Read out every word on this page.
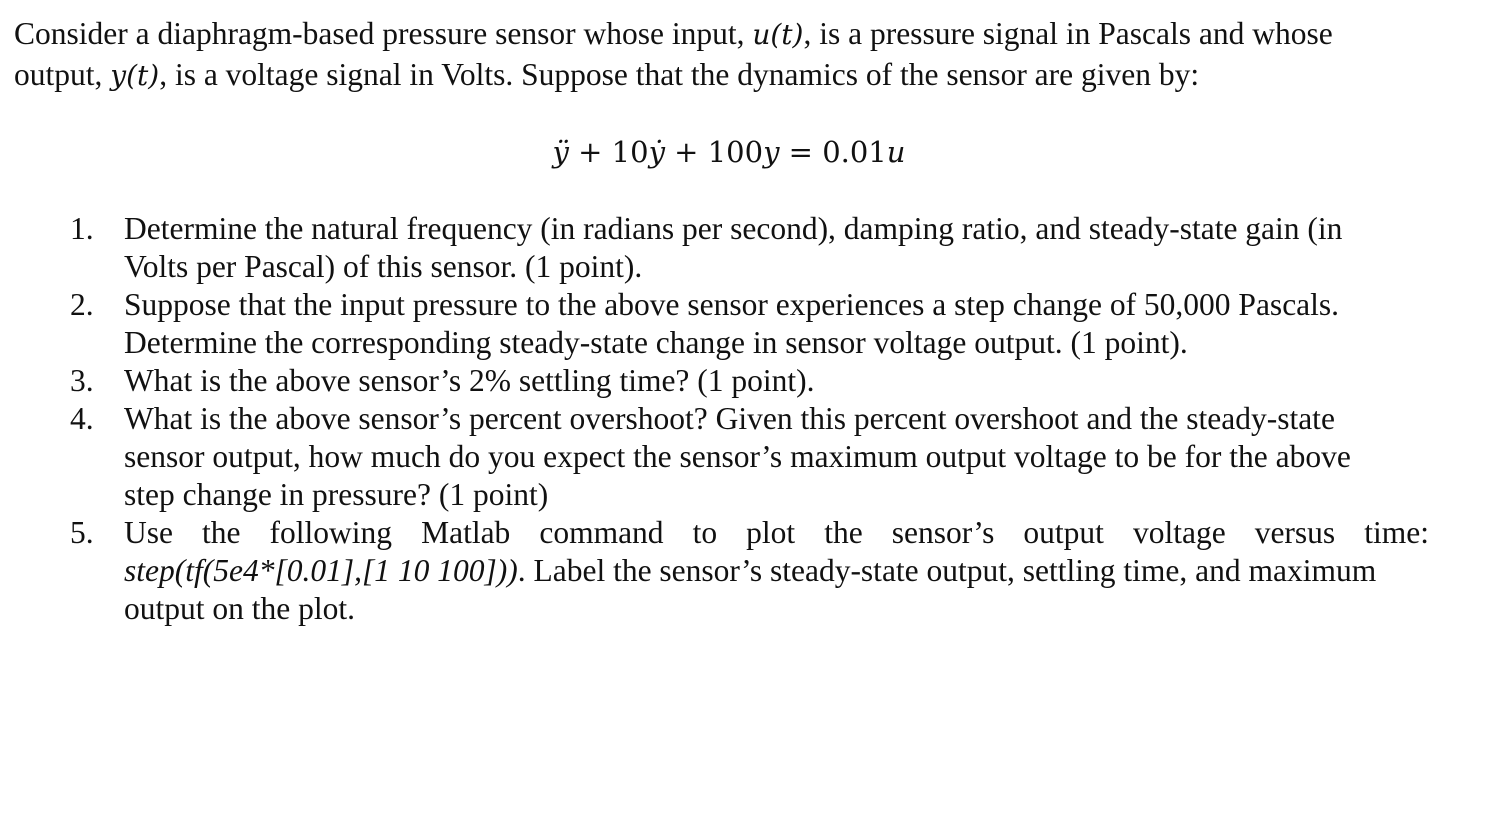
Consider a diaphragm-based pressure sensor whose input, u(t), is a pressure signal in Pascals and whose
output, y(t), is a voltage signal in Volts. Suppose that the dynamics of the sensor are given by:

ÿ + 10ẏ + 100y = 0.01u
1. Determine the natural frequency (in radians per second), damping ratio, and steady-state gain (in
Volts per Pascal) of this sensor. (1 point).
2. Suppose that the input pressure to the above sensor experiences a step change of 50,000 Pascals.
Determine the corresponding steady-state change in sensor voltage output. (1 point).
3. What is the above sensor’s 2% settling time? (1 point).
4. What is the above sensor’s percent overshoot? Given this percent overshoot and the steady-state
sensor output, how much do you expect the sensor’s maximum output voltage to be for the above
step change in pressure? (1 point)
5. Use the following Matlab command to plot the sensor’s output voltage versus time:
step(tf(5e4*[0.01],[1 10 100])). Label the sensor’s steady-state output, settling time, and maximum
output on the plot.
